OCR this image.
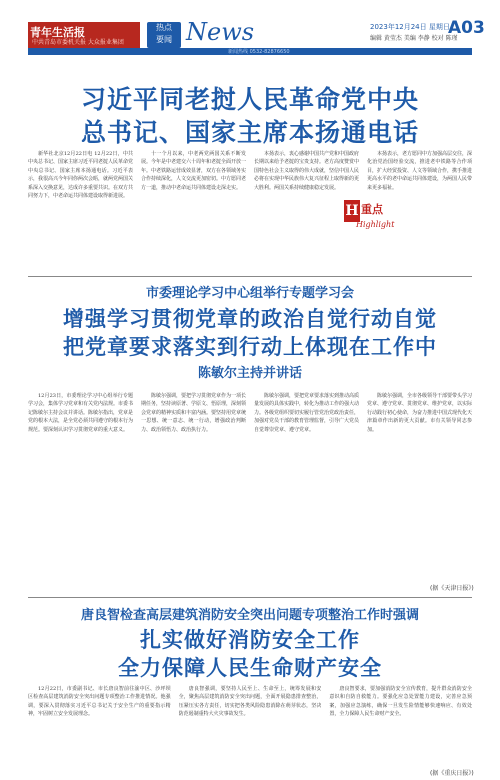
青年生活报
中共青岛市委机关报 大众报业集团
热点
要闻 News	2023年12月24日 星期日
编辑 黄莹杰 美编 李静 校对 陈瑾
A03
新闻热线 0532-82876650
习近平同老挝人民革命党中央
总书记、国家主席本扬通电话

新华社北京12月22日电 12月22日，中共中央总书记、国家主席习近平同老挝人民革命党中央总书记、国家主席本扬通电话。习近平表示，我很高兴今年同你两次会晤，就两党两国关系深入交换意见，达成许多重要共识。在双方共同努力下，中老命运共同体建设取得新进展。

十一个月以来，中老两党两国关系不断发展。今年是中老建交六十周年和老挝全面开放一年。中老铁路运营成效显著，双方在各领域务实合作持续深化，人文交流更加密切。中方愿同老方一道，推动中老命运共同体建设走深走实。

本扬表示，衷心感谢中国共产党和中国政府长期以来给予老挝的宝贵支持。老方高度赞赏中国特色社会主义取得的伟大成就，坚信中国人民必将在实现中华民族伟大复兴征程上取得新的更大胜利。两国关系持续健康稳定发展。

本扬表示，老方愿同中方加强高层交往，深化治党治国经验交流，推进老中铁路等合作项目，扩大经贸投资、人文等领域合作，携手推进更高水平的老中命运共同体建设，为两国人民带来更多福祉。

H 重点
Highlight
市委理论学习中心组举行专题学习会
增强学习贯彻党章的政治自觉行动自觉
把党章要求落实到行动上体现在工作中
陈敏尔主持并讲话

12月23日，市委理论学习中心组举行专题学习会，集体学习党章和有关党内法规。市委书记陈敏尔主持会议并讲话。陈敏尔指出，党章是党的根本大法，是全党必须共同遵守的根本行为规范。要深刻认识学习贯彻党章的重大意义。

陈敏尔强调，要把学习贯彻党章作为一项长期任务，坚持读原著、学原文、悟原理，深刻领会党章的精神实质和丰富内涵。要坚持用党章统一思想、统一意志、统一行动，增强政治判断力、政治领悟力、政治执行力。

陈敏尔强调，要把党章要求落实到推动高质量发展的具体实践中，转化为推动工作的强大动力。各级党组织要切实履行管党治党政治责任，加强对党员干部的教育管理监督，引导广大党员自觉尊崇党章、遵守党章。

陈敏尔强调，全市各级领导干部要带头学习党章、遵守党章、贯彻党章、维护党章，以实际行动践行初心使命，为奋力推进中国式现代化天津篇章作出新的更大贡献。市有关领导同志参加。

(据《天津日报》)
唐良智检查高层建筑消防安全突出问题专项整治工作时强调
扎实做好消防安全工作
全力保障人民生命财产安全

12月22日，市委副书记、市长唐良智前往渝中区、沙坪坝区检查高层建筑消防安全突出问题专项整治工作推进情况。他强调，要深入贯彻落实习近平总书记关于安全生产的重要指示精神，牢固树立安全发展理念。

唐良智强调，要坚持人民至上、生命至上，统筹发展和安全，聚焦高层建筑消防安全突出问题，全面开展隐患排查整治，压紧压实各方责任，切实把各类风险隐患消除在萌芽状态，坚决防范遏制重特大火灾事故发生。

唐良智要求，要加强消防安全宣传教育，提升群众消防安全意识和自防自救能力。要强化应急处置能力建设，完善应急预案，加强应急演练，确保一旦发生险情能够快速响应、有效处置，全力保障人民生命财产安全。

(据《重庆日报》)
